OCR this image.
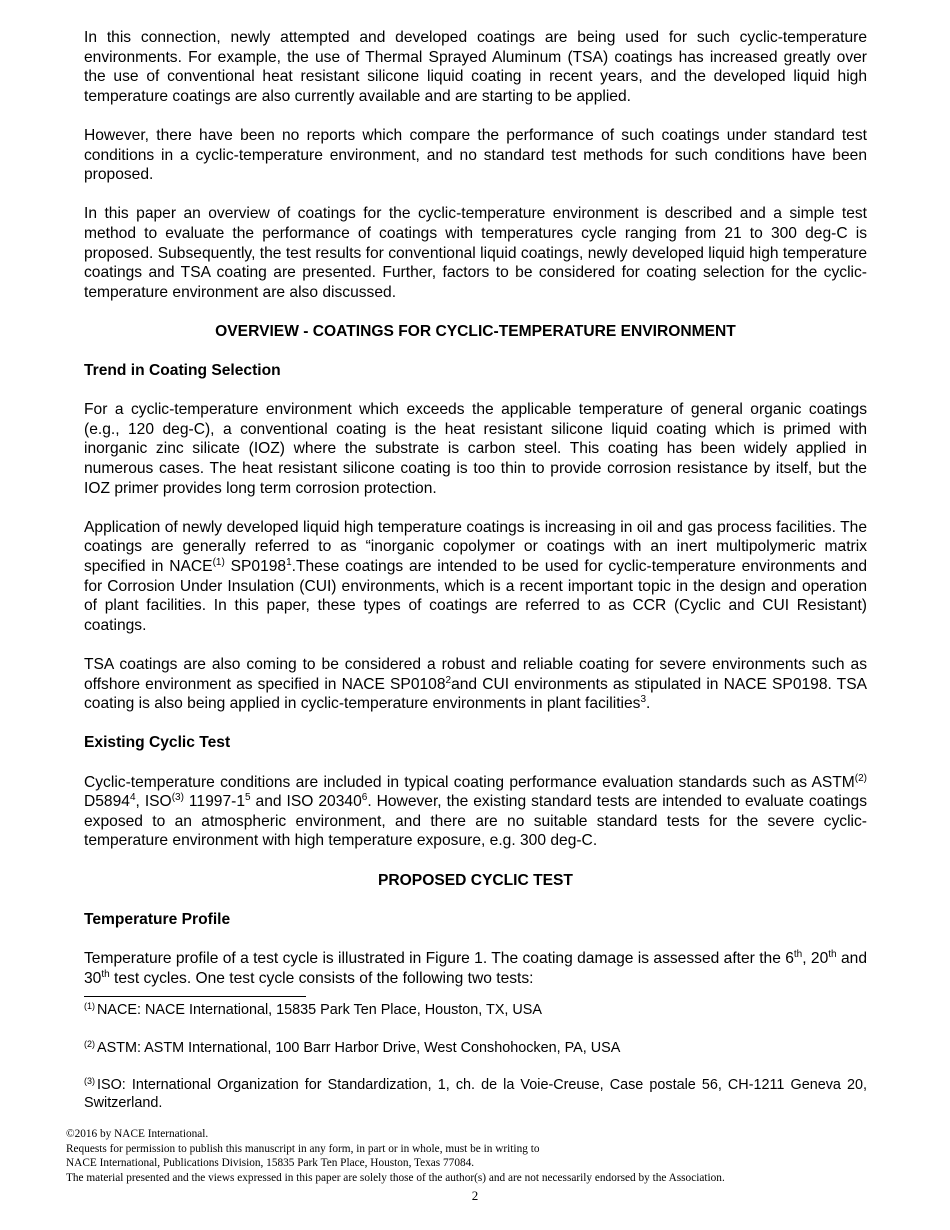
In this connection, newly attempted and developed coatings are being used for such cyclic-temperature environments. For example, the use of Thermal Sprayed Aluminum (TSA) coatings has increased greatly over the use of conventional heat resistant silicone liquid coating in recent years, and the developed liquid high temperature coatings are also currently available and are starting to be applied.

However, there have been no reports which compare the performance of such coatings under standard test conditions in a cyclic-temperature environment, and no standard test methods for such conditions have been proposed.

In this paper an overview of coatings for the cyclic-temperature environment is described and a simple test method to evaluate the performance of coatings with temperatures cycle ranging from 21 to 300 deg-C is proposed. Subsequently, the test results for conventional liquid coatings, newly developed liquid high temperature coatings and TSA coating are presented. Further, factors to be considered for coating selection for the cyclic-temperature environment are also discussed.

OVERVIEW - COATINGS FOR CYCLIC-TEMPERATURE ENVIRONMENT
Trend in Coating Selection

For a cyclic-temperature environment which exceeds the applicable temperature of general organic coatings (e.g., 120 deg-C), a conventional coating is the heat resistant silicone liquid coating which is primed with inorganic zinc silicate (IOZ) where the substrate is carbon steel. This coating has been widely applied in numerous cases. The heat resistant silicone coating is too thin to provide corrosion resistance by itself, but the IOZ primer provides long term corrosion protection.

Application of newly developed liquid high temperature coatings is increasing in oil and gas process facilities. The coatings are generally referred to as “inorganic copolymer or coatings with an inert multipolymeric matrix specified in NACE$^{(1)}$ SP0198$^1$.These coatings are intended to be used for cyclic-temperature environments and for Corrosion Under Insulation (CUI) environments, which is a recent important topic in the design and operation of plant facilities. In this paper, these types of coatings are referred to as CCR (Cyclic and CUI Resistant) coatings.

TSA coatings are also coming to be considered a robust and reliable coating for severe environments such as offshore environment as specified in NACE SP0108$^2$and CUI environments as stipulated in NACE SP0198. TSA coating is also being applied in cyclic-temperature environments in plant facilities$^3$.

Existing Cyclic Test

Cyclic-temperature conditions are included in typical coating performance evaluation standards such as ASTM$^{(2)}$ D5894$^4$, ISO$^{(3)}$ $11997-1^5$ and ISO 20340$^6$. However, the existing standard tests are intended to evaluate coatings exposed to an atmospheric environment, and there are no suitable standard tests for the severe cyclic-temperature environment with high temperature exposure, e.g. 300 deg-C.

PROPOSED CYCLIC TEST
Temperature Profile

Temperature profile of a test cycle is illustrated in Figure 1. The coating damage is assessed after the 6th, 20th and 30th test cycles. One test cycle consists of the following two tests:

$^{(1)}$ NACE: NACE International, 15835 Park Ten Place, Houston, TX, USA

$^{(2)}$ ASTM: ASTM International, 100 Barr Harbor Drive, West Conshohocken, PA, USA

$^{(3)}$ ISO: International Organization for Standardization, 1, ch. de la Voie-Creuse, Case postale 56, CH-1211 Geneva 20, Switzerland.

©2016 by NACE International.
Requests for permission to publish this manuscript in any form, in part or in whole, must be in writing to
NACE International, Publications Division, 15835 Park Ten Place, Houston, Texas 77084.
The material presented and the views expressed in this paper are solely those of the author(s) and are not necessarily endorsed by the Association.
2
